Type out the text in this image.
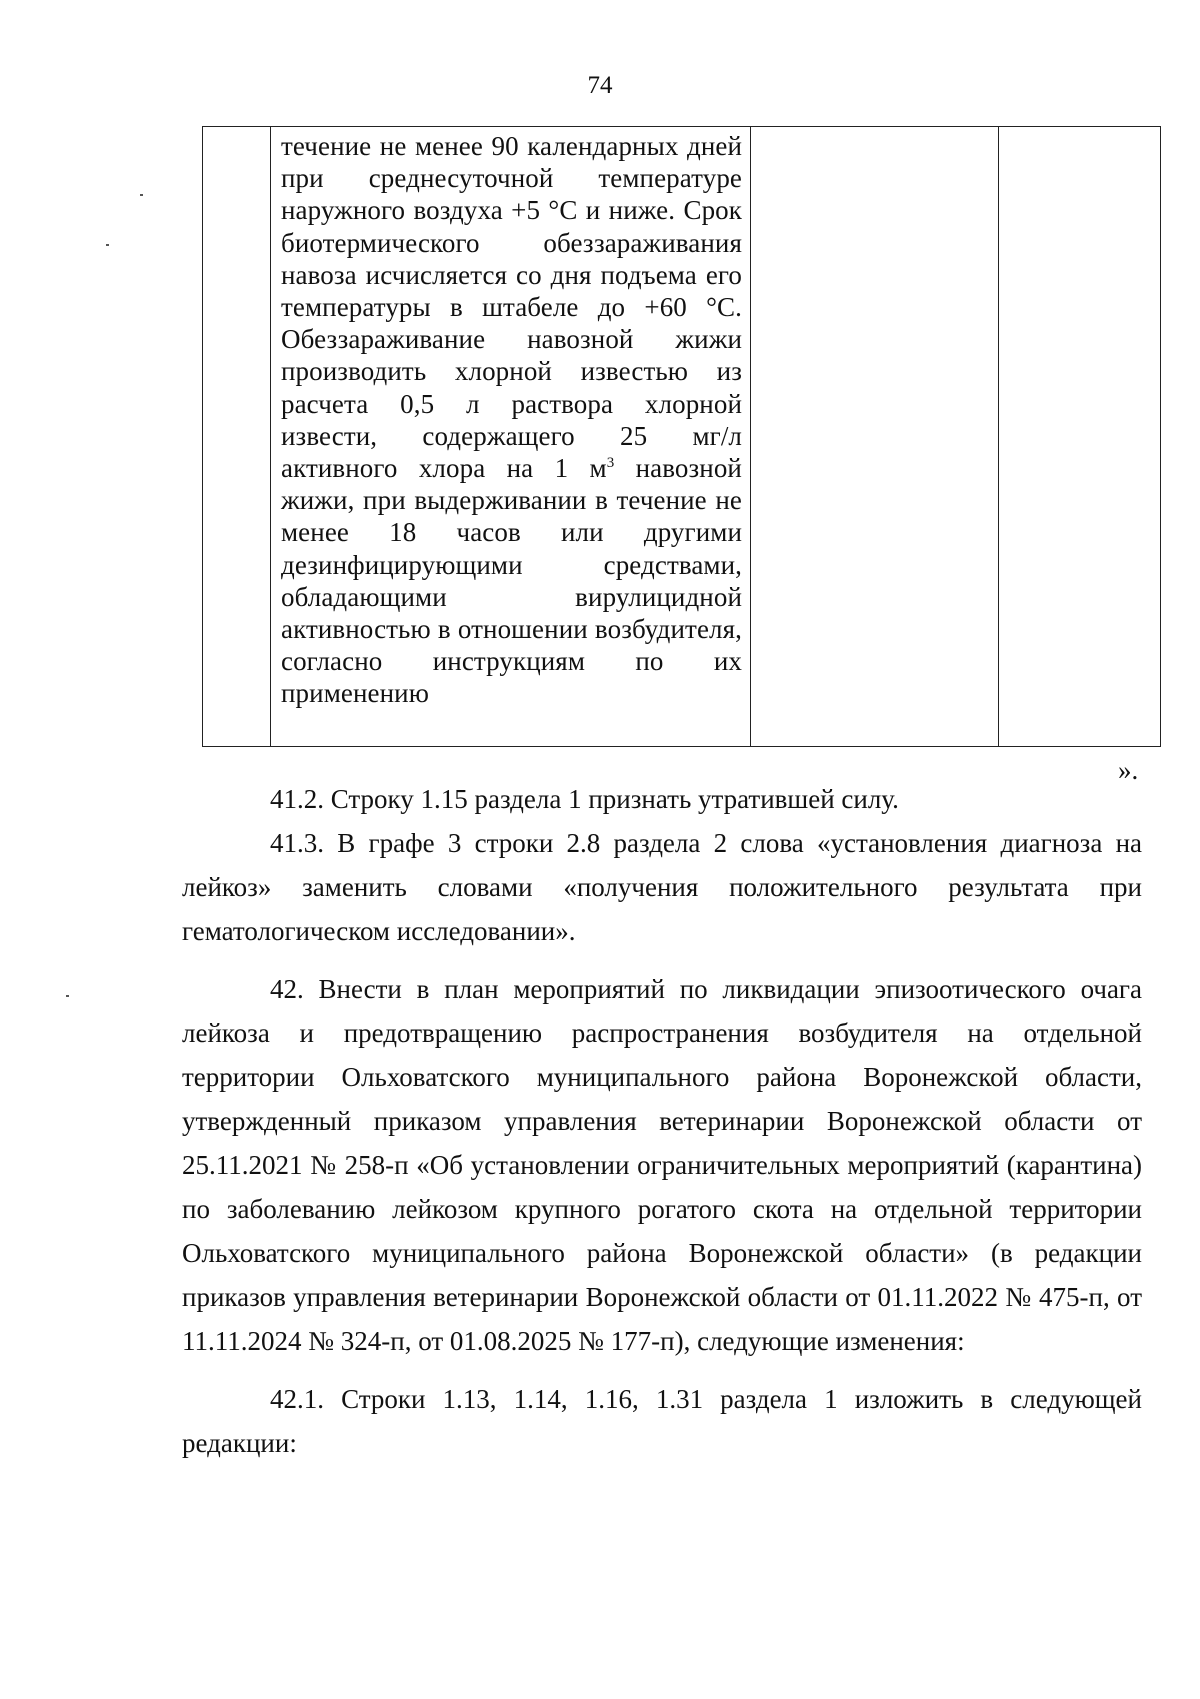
74

течение не менее 90 календарных дней при среднесуточной температуре наружного воздуха +5 °С и ниже. Срок биотермического обеззараживания навоза исчисляется со дня подъема его температуры в штабеле до +60 °С. Обеззараживание навозной жижи производить хлорной известью из расчета 0,5 л раствора хлорной извести, содержащего 25 мг/л активного хлора на 1 $м^3$ навозной жижи, при выдерживании в течение не менее 18 часов или другими дезинфицирующими средствами, обладающими вирулицидной активностью в отношении возбудителя, согласно инструкциям по их применению

».

41.2. Строку 1.15 раздела 1 признать утратившей силу.

41.3. В графе 3 строки 2.8 раздела 2 слова «установления диагноза на лейкоз» заменить словами «получения положительного результата при гематологическом исследовании».

42. Внести в план мероприятий по ликвидации эпизоотического очага лейкоза и предотвращению распространения возбудителя на отдельной территории Ольховатского муниципального района Воронежской области, утвержденный приказом управления ветеринарии Воронежской области от 25.11.2021 № 258-п «Об установлении ограничительных мероприятий (карантина) по заболеванию лейкозом крупного рогатого скота на отдельной территории Ольховатского муниципального района Воронежской области» (в редакции приказов управления ветеринарии Воронежской области от 01.11.2022 № 475-п, от 11.11.2024 № 324-п, от 01.08.2025 № 177-п), следующие изменения:

42.1. Строки 1.13, 1.14, 1.16, 1.31 раздела 1 изложить в следующей редакции:
